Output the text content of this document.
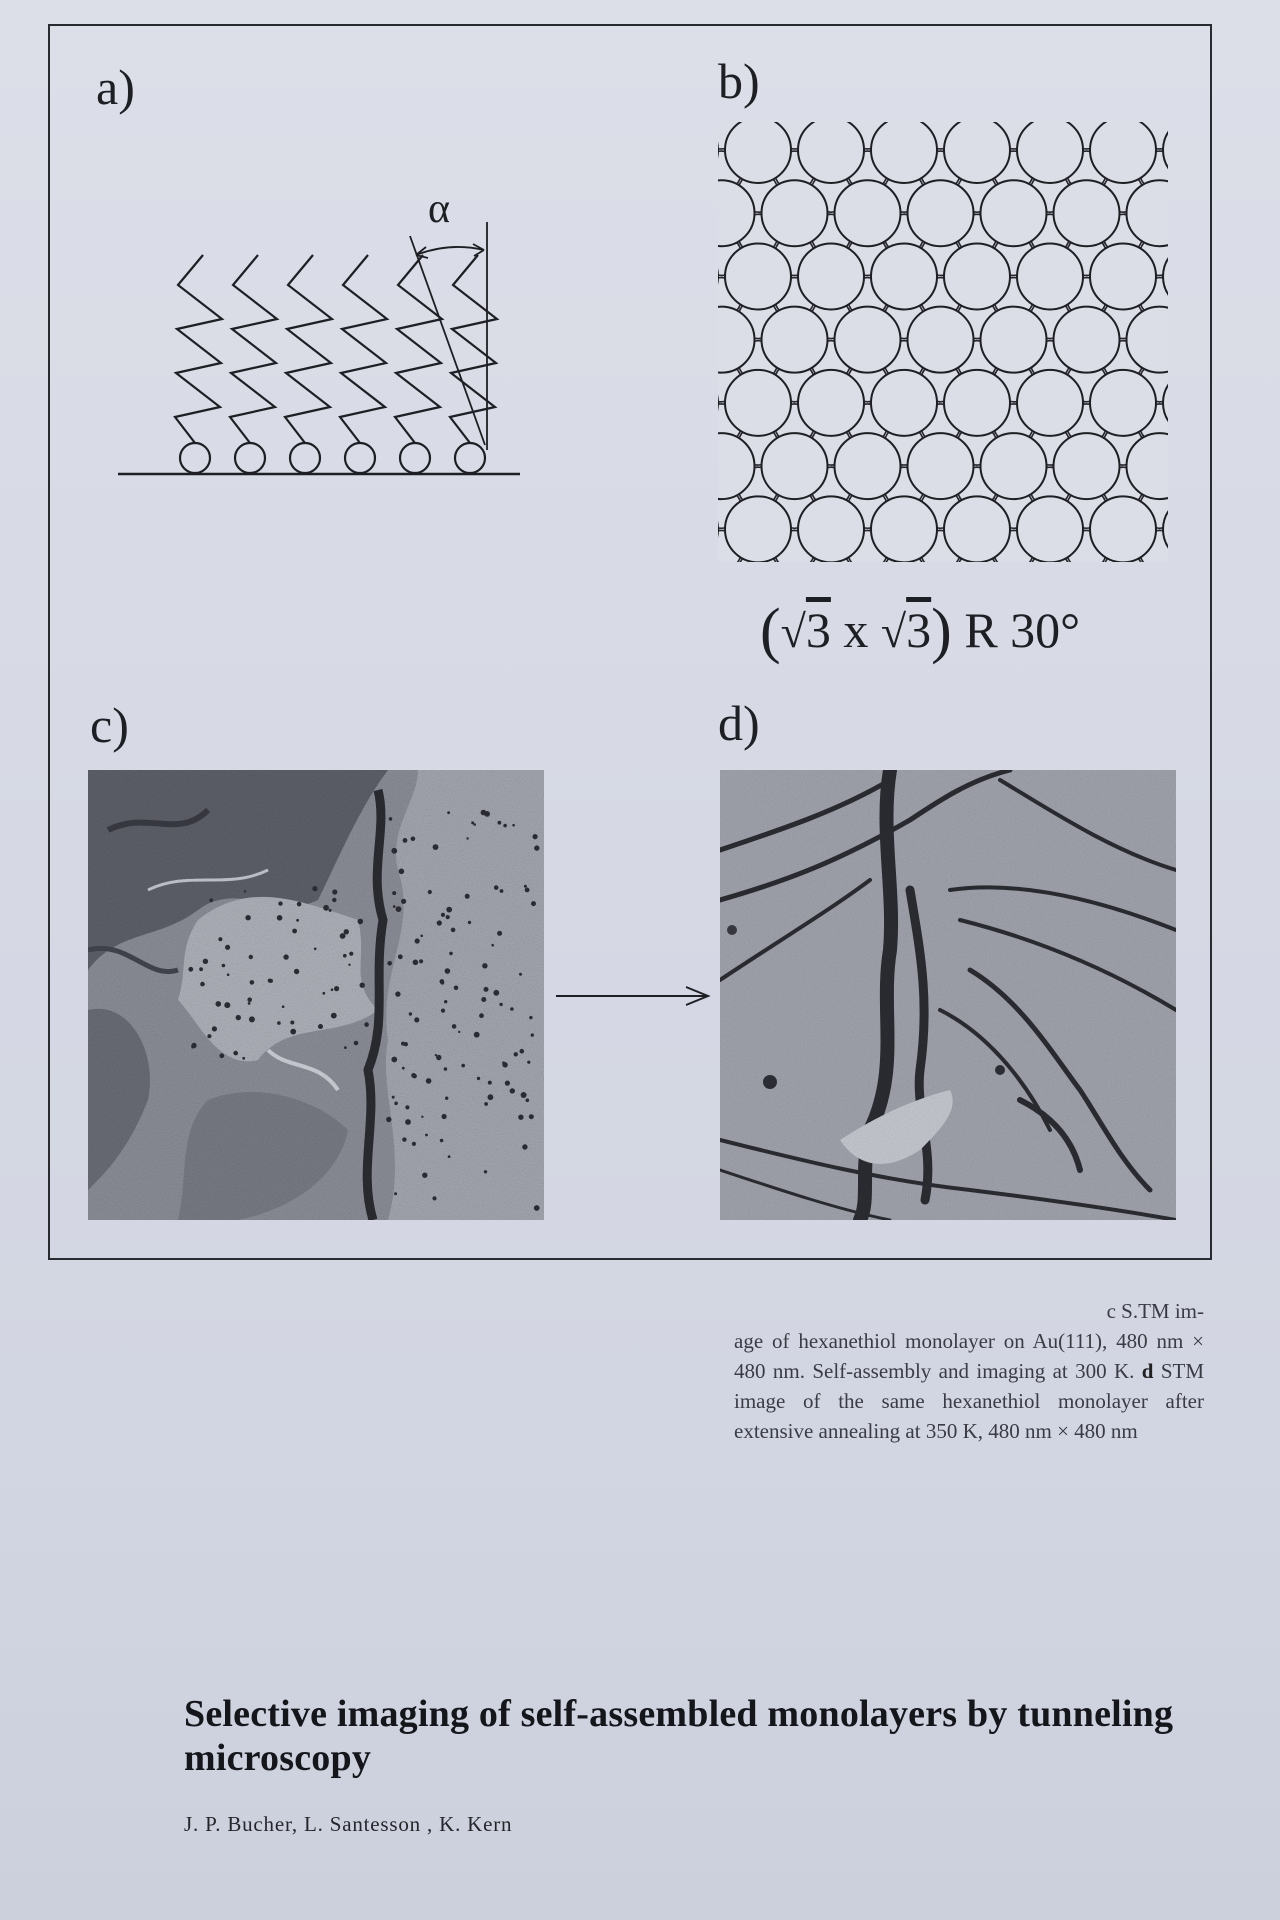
a)	b)
c)	d)
α
(√3 x √3) R 30°

c S.TM im-

age of hexanethiol monolayer on Au(111), 480 nm × 480 nm. Self-assembly and imaging at 300 K. d STM image of the same hexanethiol monolayer after extensive annealing at 350 K, 480 nm × 480 nm

Selective imaging of self-assembled monolayers by tunneling microscopy
J. P. Bucher, L. Santesson , K. Kern
